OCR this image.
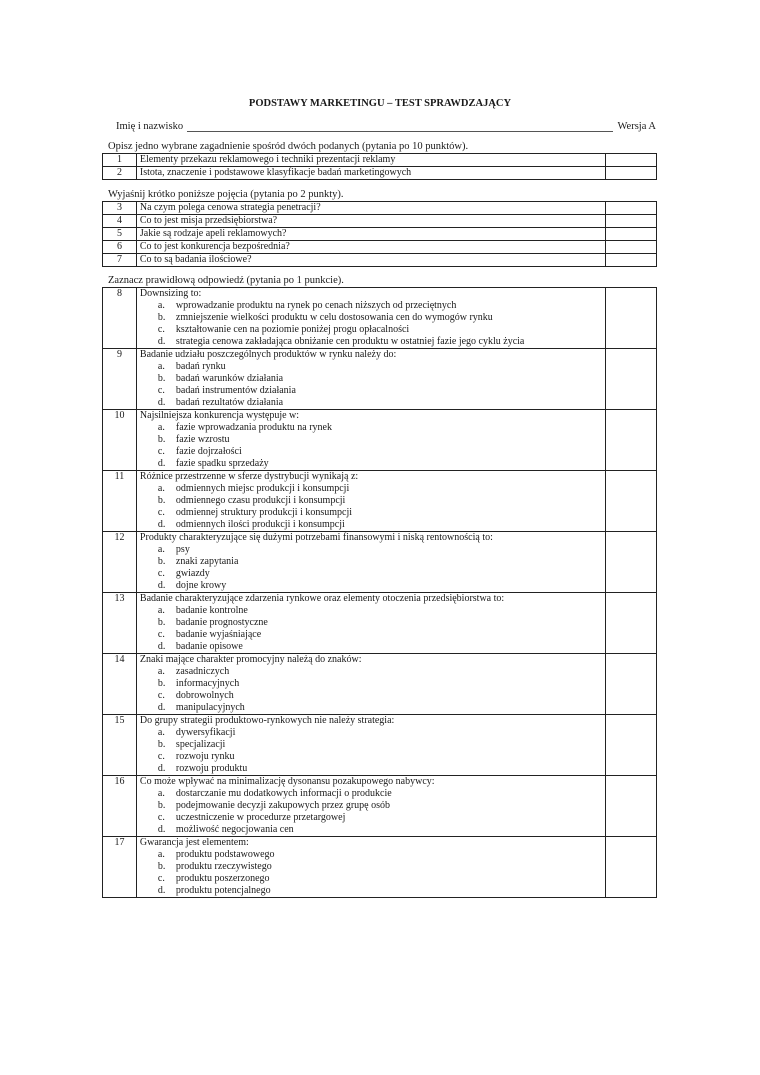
PODSTAWY MARKETINGU – TEST SPRAWDZAJĄCY
Imię i nazwisko	Wersja A
Opisz jedno wybrane zagadnienie spośród dwóch podanych (pytania po 10 punktów).
1	Elementy przekazu reklamowego i techniki prezentacji reklamy	
2	Istota, znaczenie i podstawowe klasyfikacje badań marketingowych	
Wyjaśnij krótko poniższe pojęcia (pytania po 2 punkty).
3	Na czym polega cenowa strategia penetracji?	
4	Co to jest misja przedsiębiorstwa?	
5	Jakie są rodzaje apeli reklamowych?	
6	Co to jest konkurencja bezpośrednia?	
7	Co to są badania ilościowe?	
Zaznacz prawidłową odpowiedź (pytania po 1 punkcie).
8	Downsizing to:
a. wprowadzanie produktu na rynek po cenach niższych od przeciętnych
b. zmniejszenie wielkości produktu w celu dostosowania cen do wymogów rynku
c. kształtowanie cen na poziomie poniżej progu opłacalności
d. strategia cenowa zakładająca obniżanie cen produktu w ostatniej fazie jego cyklu życia	

9	Badanie udziału poszczególnych produktów w rynku należy do:
a. badań rynku
b. badań warunków działania
c. badań instrumentów działania
d. badań rezultatów działania	

10	Najsilniejsza konkurencja występuje w:
a. fazie wprowadzania produktu na rynek
b. fazie wzrostu
c. fazie dojrzałości
d. fazie spadku sprzedaży	

11	Różnice przestrzenne w sferze dystrybucji wynikają z:
a. odmiennych miejsc produkcji i konsumpcji
b. odmiennego czasu produkcji i konsumpcji
c. odmiennej struktury produkcji i konsumpcji
d. odmiennych ilości produkcji i konsumpcji	

12	Produkty charakteryzujące się dużymi potrzebami finansowymi i niską rentownością to:
a. psy
b. znaki zapytania
c. gwiazdy
d. dojne krowy	

13	Badanie charakteryzujące zdarzenia rynkowe oraz elementy otoczenia przedsiębiorstwa to:
a. badanie kontrolne
b. badanie prognostyczne
c. badanie wyjaśniające
d. badanie opisowe	

14	Znaki mające charakter promocyjny należą do znaków:
a. zasadniczych
b. informacyjnych
c. dobrowolnych
d. manipulacyjnych	

15	Do grupy strategii produktowo-rynkowych nie należy strategia:
a. dywersyfikacji
b. specjalizacji
c. rozwoju rynku
d. rozwoju produktu	

16	Co może wpływać na minimalizację dysonansu pozakupowego nabywcy:
a. dostarczanie mu dodatkowych informacji o produkcie
b. podejmowanie decyzji zakupowych przez grupę osób
c. uczestniczenie w procedurze przetargowej
d. możliwość negocjowania cen	

17	Gwarancja jest elementem:
a. produktu podstawowego
b. produktu rzeczywistego
c. produktu poszerzonego
d. produktu potencjalnego	
